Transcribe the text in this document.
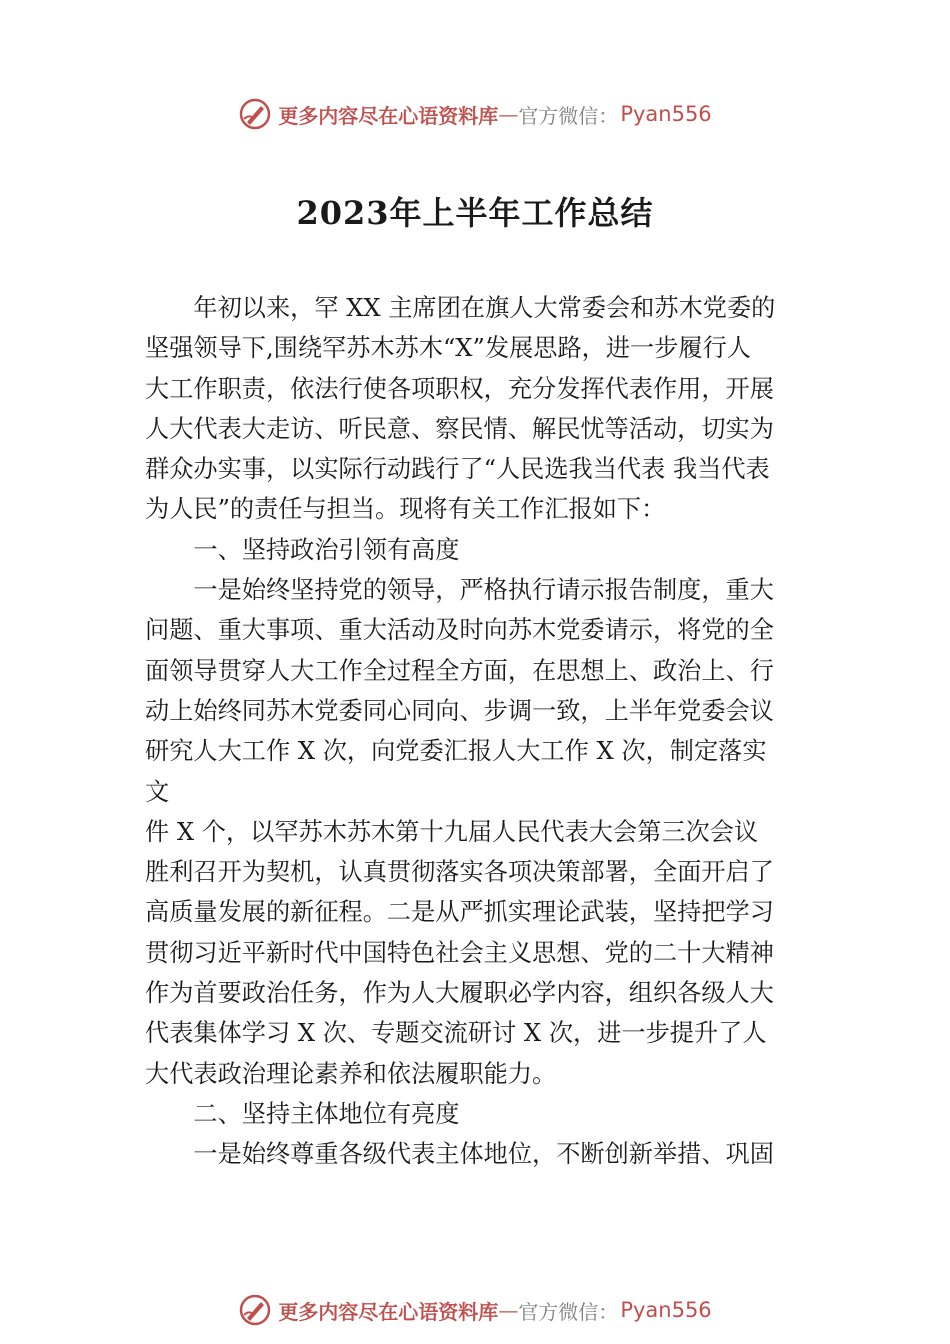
更多内容尽在心语资料库 — 官方微信： Pyan556
2023年上半年工作总结

年初以来，罕 XX 主席团在旗人大常委会和苏木党委的

坚强领导下,围绕罕苏木苏木“X”发展思路，进一步履行人

大工作职责，依法行使各项职权，充分发挥代表作用，开展

人大代表大走访、听民意、察民情、解民忧等活动，切实为

群众办实事，以实际行动践行了“人民选我当代表 我当代表

为人民”的责任与担当。现将有关工作汇报如下：

一、坚持政治引领有高度

一是始终坚持党的领导，严格执行请示报告制度，重大

问题、重大事项、重大活动及时向苏木党委请示，将党的全

面领导贯穿人大工作全过程全方面，在思想上、政治上、行

动上始终同苏木党委同心同向、步调一致，上半年党委会议

研究人大工作 X 次，向党委汇报人大工作 X 次，制定落实

文

件 X 个，以罕苏木苏木第十九届人民代表大会第三次会议

胜利召开为契机，认真贯彻落实各项决策部署，全面开启了

高质量发展的新征程。二是从严抓实理论武装，坚持把学习

贯彻习近平新时代中国特色社会主义思想、党的二十大精神

作为首要政治任务，作为人大履职必学内容，组织各级人大

代表集体学习 X 次、专题交流研讨 X 次，进一步提升了人

大代表政治理论素养和依法履职能力。

二、坚持主体地位有亮度

一是始终尊重各级代表主体地位，不断创新举措、巩固

更多内容尽在心语资料库 — 官方微信： Pyan556
